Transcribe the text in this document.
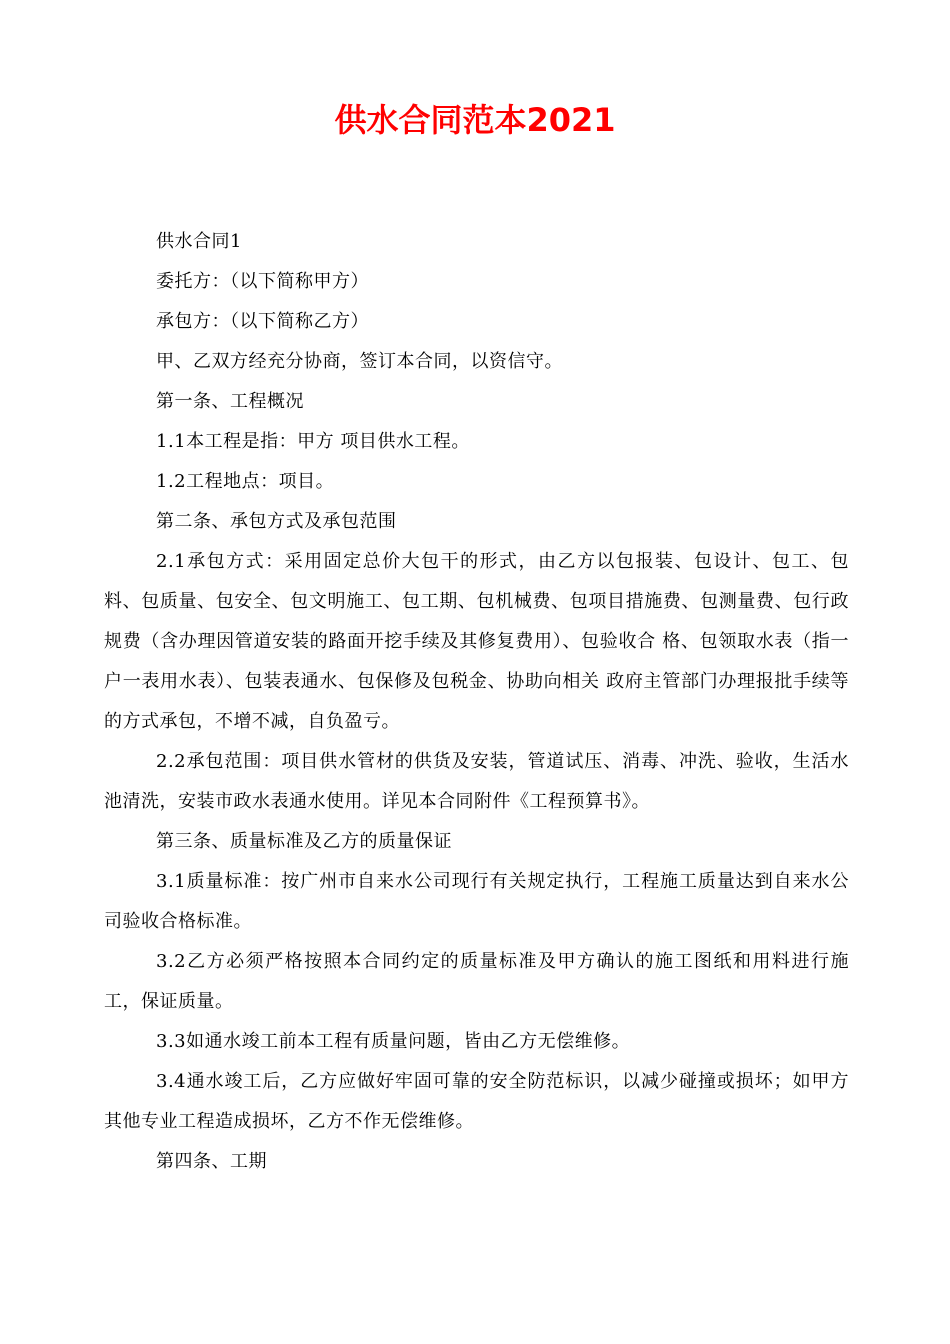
供水合同范本2021

供水合同1

委托方：（以下简称甲方）

承包方：（以下简称乙方）

甲、乙双方经充分协商，签订本合同，以资信守。

第一条、工程概况

1.1本工程是指：甲方 项目供水工程。

1.2工程地点：项目。

第二条、承包方式及承包范围

2.1承包方式：采用固定总价大包干的形式，由乙方以包报装、包设计、包工、包料、包质量、包安全、包文明施工、包工期、包机械费、包项目措施费、包测量费、包行政规费（含办理因管道安装的路面开挖手续及其修复费用）、包验收合 格、包领取水表（指一户一表用水表）、包装表通水、包保修及包税金、协助向相关 政府主管部门办理报批手续等的方式承包，不增不减，自负盈亏。

2.2承包范围：项目供水管材的供货及安装，管道试压、消毒、冲洗、验收，生活水池清洗，安装市政水表通水使用。详见本合同附件《工程预算书》。

第三条、质量标准及乙方的质量保证

3.1质量标准：按广州市自来水公司现行有关规定执行，工程施工质量达到自来水公司验收合格标准。

3.2乙方必须严格按照本合同约定的质量标准及甲方确认的施工图纸和用料进行施工，保证质量。

3.3如通水竣工前本工程有质量问题，皆由乙方无偿维修。

3.4通水竣工后，乙方应做好牢固可靠的安全防范标识，以减少碰撞或损坏；如甲方其他专业工程造成损坏，乙方不作无偿维修。

第四条、工期
